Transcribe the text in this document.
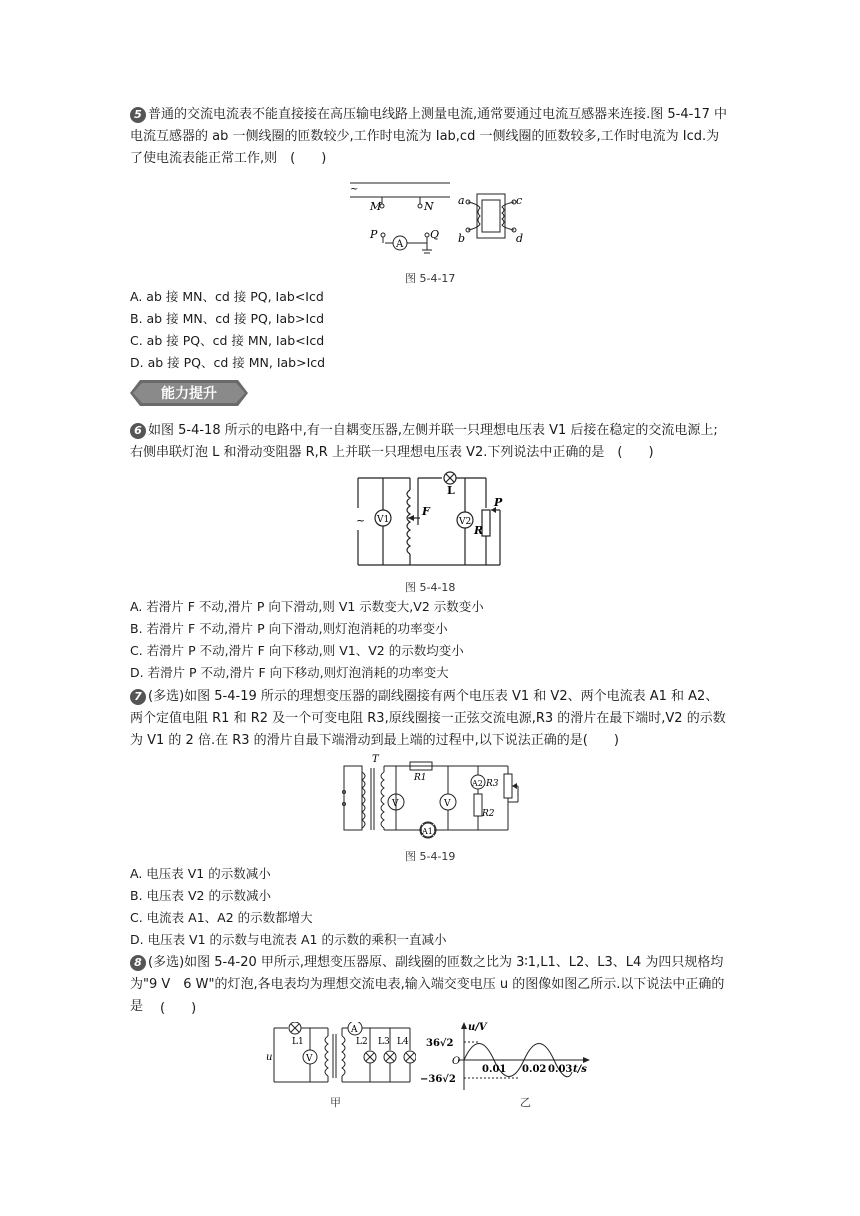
5 普通的交流电流表不能直接接在高压输电线路上测量电流,通常要通过电流互感器来连接.图 5-4-17 中电流互感器的 ab 一侧线圈的匝数较少,工作时电流为 Iab,cd 一侧线圈的匝数较多,工作时电流为 Icd.为了使电流表能正常工作,则　(　　)
~
M	N
P	Q
A
a
b
c
d
图 5-4-17
A. ab 接 MN、cd 接 PQ, Iab<Icd
B. ab 接 MN、cd 接 PQ, Iab>Icd
C. ab 接 PQ、cd 接 MN, Iab<Icd
D. ab 接 PQ、cd 接 MN, Iab>Icd
能力提升
6 如图 5-4-18 所示的电路中,有一自耦变压器,左侧并联一只理想电压表 V1 后接在稳定的交流电源上;右侧串联灯泡 L 和滑动变阻器 R,R 上并联一只理想电压表 V2.下列说法中正确的是　(　　)
~ V1	V2
F
L
P
R
图 5-4-18
A. 若滑片 F 不动,滑片 P 向下滑动,则 V1 示数变大,V2 示数变小
B. 若滑片 F 不动,滑片 P 向下滑动,则灯泡消耗的功率变小
C. 若滑片 P 不动,滑片 F 向下移动,则 V1、V2 的示数均变小
D. 若滑片 P 不动,滑片 F 向下移动,则灯泡消耗的功率变大
7 (多选)如图 5-4-19 所示的理想变压器的副线圈接有两个电压表 V1 和 V2、两个电流表 A1 和 A2、两个定值电阻 R1 和 R2 及一个可变电阻 R3,原线圈接一正弦交流电源,R3 的滑片在最下端时,V2 的示数为 V1 的 2 倍.在 R3 的滑片自最下端滑动到最上端的过程中,以下说法正确的是(　　)
T
R1
R2
R3
V	V
A2
A1
图 5-4-19
A. 电压表 V1 的示数减小
B. 电压表 V2 的示数减小
C. 电流表 A1、A2 的示数都增大
D. 电压表 V1 的示数与电流表 A1 的示数的乘积一直减小
8 (多选)如图 5-4-20 甲所示,理想变压器原、副线圈的匝数之比为 3∶1,L1、L2、L3、L4 为四只规格均为"9 V　6 W"的灯泡,各电表均为理想交流电表,输入端交变电压 u 的图像如图乙所示.以下说法中正确的是	(　　)
u
L1
V
A
L2 L3 L4
甲
u/V
t/s
36√2
−36√2
O
0.01 0.02 0.03
乙
